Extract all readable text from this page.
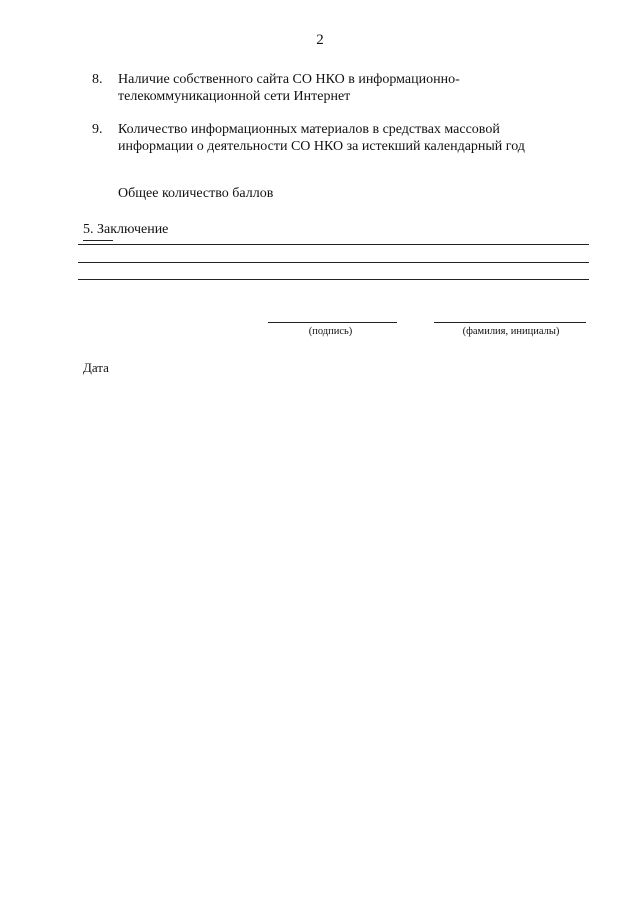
2
8. Наличие собственного сайта СО НКО в информационно-телекоммуникационной сети Интернет
9. Количество информационных материалов в средствах массовой информации о деятельности СО НКО за истекший календарный год
Общее количество баллов
5. Заключение
(подпись)	(фамилия, инициалы)
Дата
